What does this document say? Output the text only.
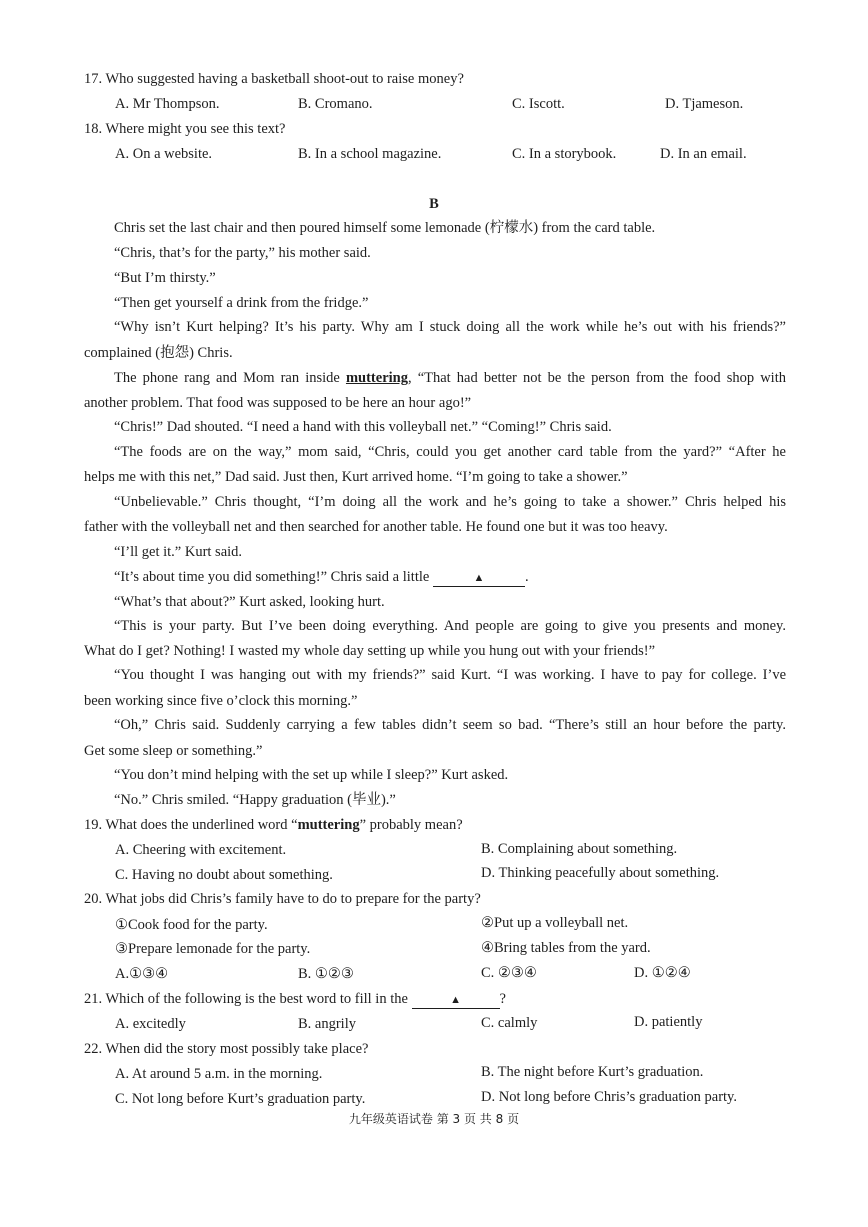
17. Who suggested having a basketball shoot-out to raise money?
A. Mr Thompson.	B. Cromano.	C. Iscott.	D. Tjameson.
18. Where might you see this text?
A. On a website.	B. In a school magazine.	C. In a storybook.	D. In an email.
B
Chris set the last chair and then poured himself some lemonade (柠檬水) from the card table.
“Chris, that’s for the party,” his mother said.
“But I’m thirsty.”
“Then get yourself a drink from the fridge.”
“Why isn’t Kurt helping? It’s his party. Why am I stuck doing all the work while he’s out with his friends?”
complained (抱怨) Chris.
The phone rang and Mom ran inside muttering, “That had better not be the person from the food shop with
another problem. That food was supposed to be here an hour ago!”
“Chris!” Dad shouted. “I need a hand with this volleyball net.” “Coming!” Chris said.
“The foods are on the way,” mom said, “Chris, could you get another card table from the yard?” “After he
helps me with this net,” Dad said. Just then, Kurt arrived home. “I’m going to take a shower.”
“Unbelievable.” Chris thought, “I’m doing all the work and he’s going to take a shower.” Chris helped his
father with the volleyball net and then searched for another table. He found one but it was too heavy.
“I’ll get it.” Kurt said.
“It’s about time you did something!” Chris said a little	▲	.
“What’s that about?” Kurt asked, looking hurt.
“This is your party. But I’ve been doing everything. And people are going to give you presents and money.
What do I get? Nothing! I wasted my whole day setting up while you hung out with your friends!”
“You thought I was hanging out with my friends?” said Kurt. “I was working. I have to pay for college. I’ve
been working since five o’clock this morning.”
“Oh,” Chris said. Suddenly carrying a few tables didn’t seem so bad. “There’s still an hour before the party.
Get some sleep or something.”
“You don’t mind helping with the set up while I sleep?” Kurt asked.
“No.” Chris smiled. “Happy graduation (毕业).”
19. What does the underlined word “muttering” probably mean?
A. Cheering with excitement.	B. Complaining about something.
C. Having no doubt about something.	D. Thinking peacefully about something.
20. What jobs did Chris’s family have to do to prepare for the party?
①Cook food for the party.	②Put up a volleyball net.
③Prepare lemonade for the party.	④Bring tables from the yard.
A.①③④	B. ①②③	C. ②③④	D. ①②④
21. Which of the following is the best word to fill in the	▲	?
A. excitedly	B. angrily	C. calmly	D. patiently
22. When did the story most possibly take place?
A. At around 5 a.m. in the morning.	B. The night before Kurt’s graduation.
C. Not long before Kurt’s graduation party.	D. Not long before Chris’s graduation party.
九年级英语试卷 第 3 页 共 8 页
